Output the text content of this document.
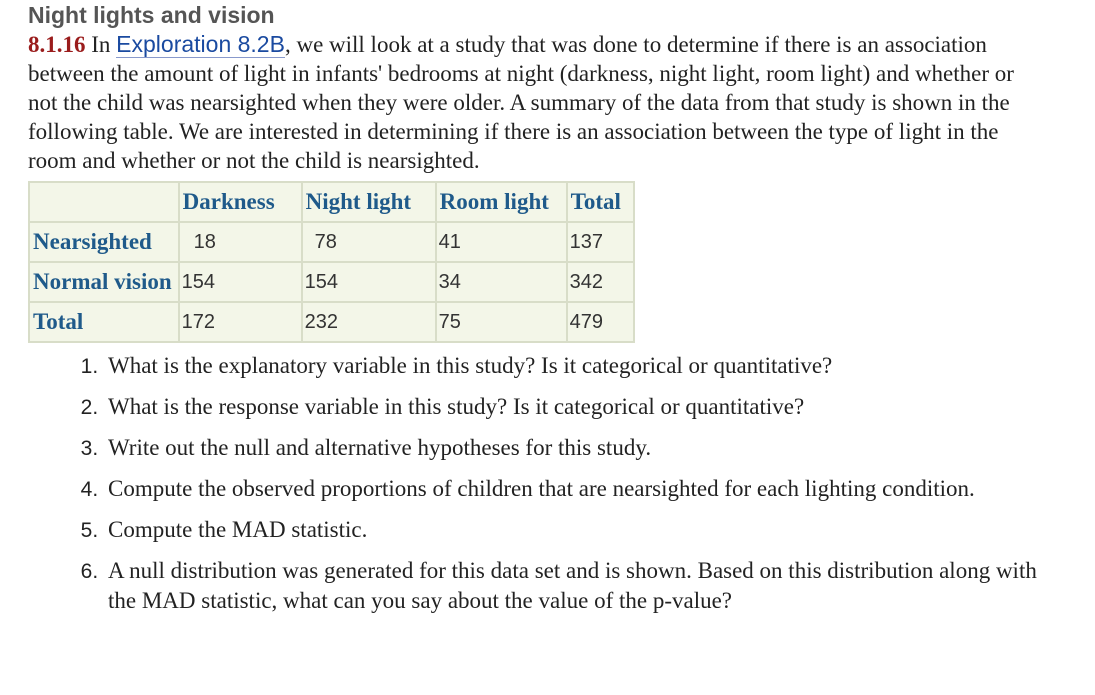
Night lights and vision

8.1.16 In Exploration 8.2B, we will look at a study that was done to determine if there is an association between the amount of light in infants' bedrooms at night (darkness, night light, room light) and whether or not the child was nearsighted when they were older. A summary of the data from that study is shown in the following table. We are interested in determining if there is an association between the type of light in the room and whether or not the child is nearsighted.

	Darkness	Night light	Room light	Total
Nearsighted	18	78	41	137
Normal vision	154	154	34	342
Total	172	232	75	479
1. What is the explanatory variable in this study? Is it categorical or quantitative?
2. What is the response variable in this study? Is it categorical or quantitative?
3. Write out the null and alternative hypotheses for this study.
4. Compute the observed proportions of children that are nearsighted for each lighting condition.
5. Compute the MAD statistic.
6. A null distribution was generated for this data set and is shown. Based on this distribution along with the MAD statistic, what can you say about the value of the p-value?
